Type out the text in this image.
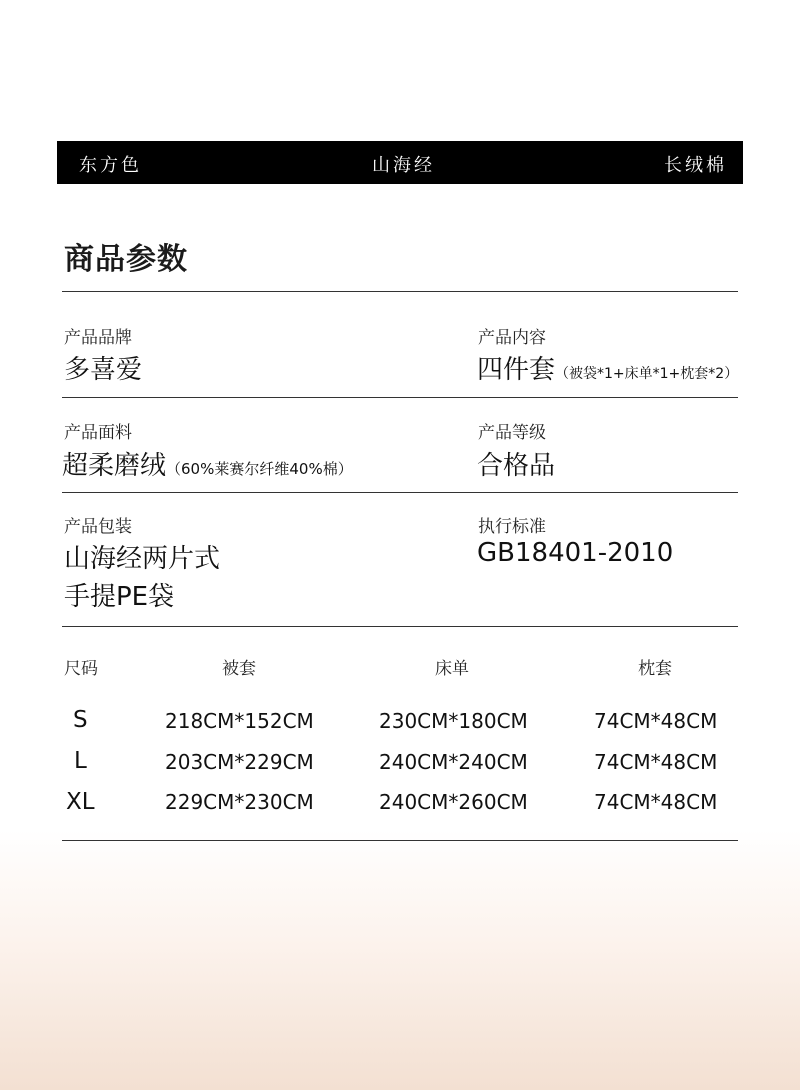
东方色	山海经	长绒棉
商品参数
产品品牌
多喜爱
产品内容
四件套（被袋*1+床单*1+枕套*2）
产品面料
超柔磨绒（60%莱赛尔纤维40%棉）
产品等级
合格品
产品包装
山海经两片式
手提PE袋
执行标准
GB18401-2010
尺码	被套	床单	枕套
S	218CM*152CM	230CM*180CM	74CM*48CM
L	203CM*229CM	240CM*240CM	74CM*48CM
XL	229CM*230CM	240CM*260CM	74CM*48CM
